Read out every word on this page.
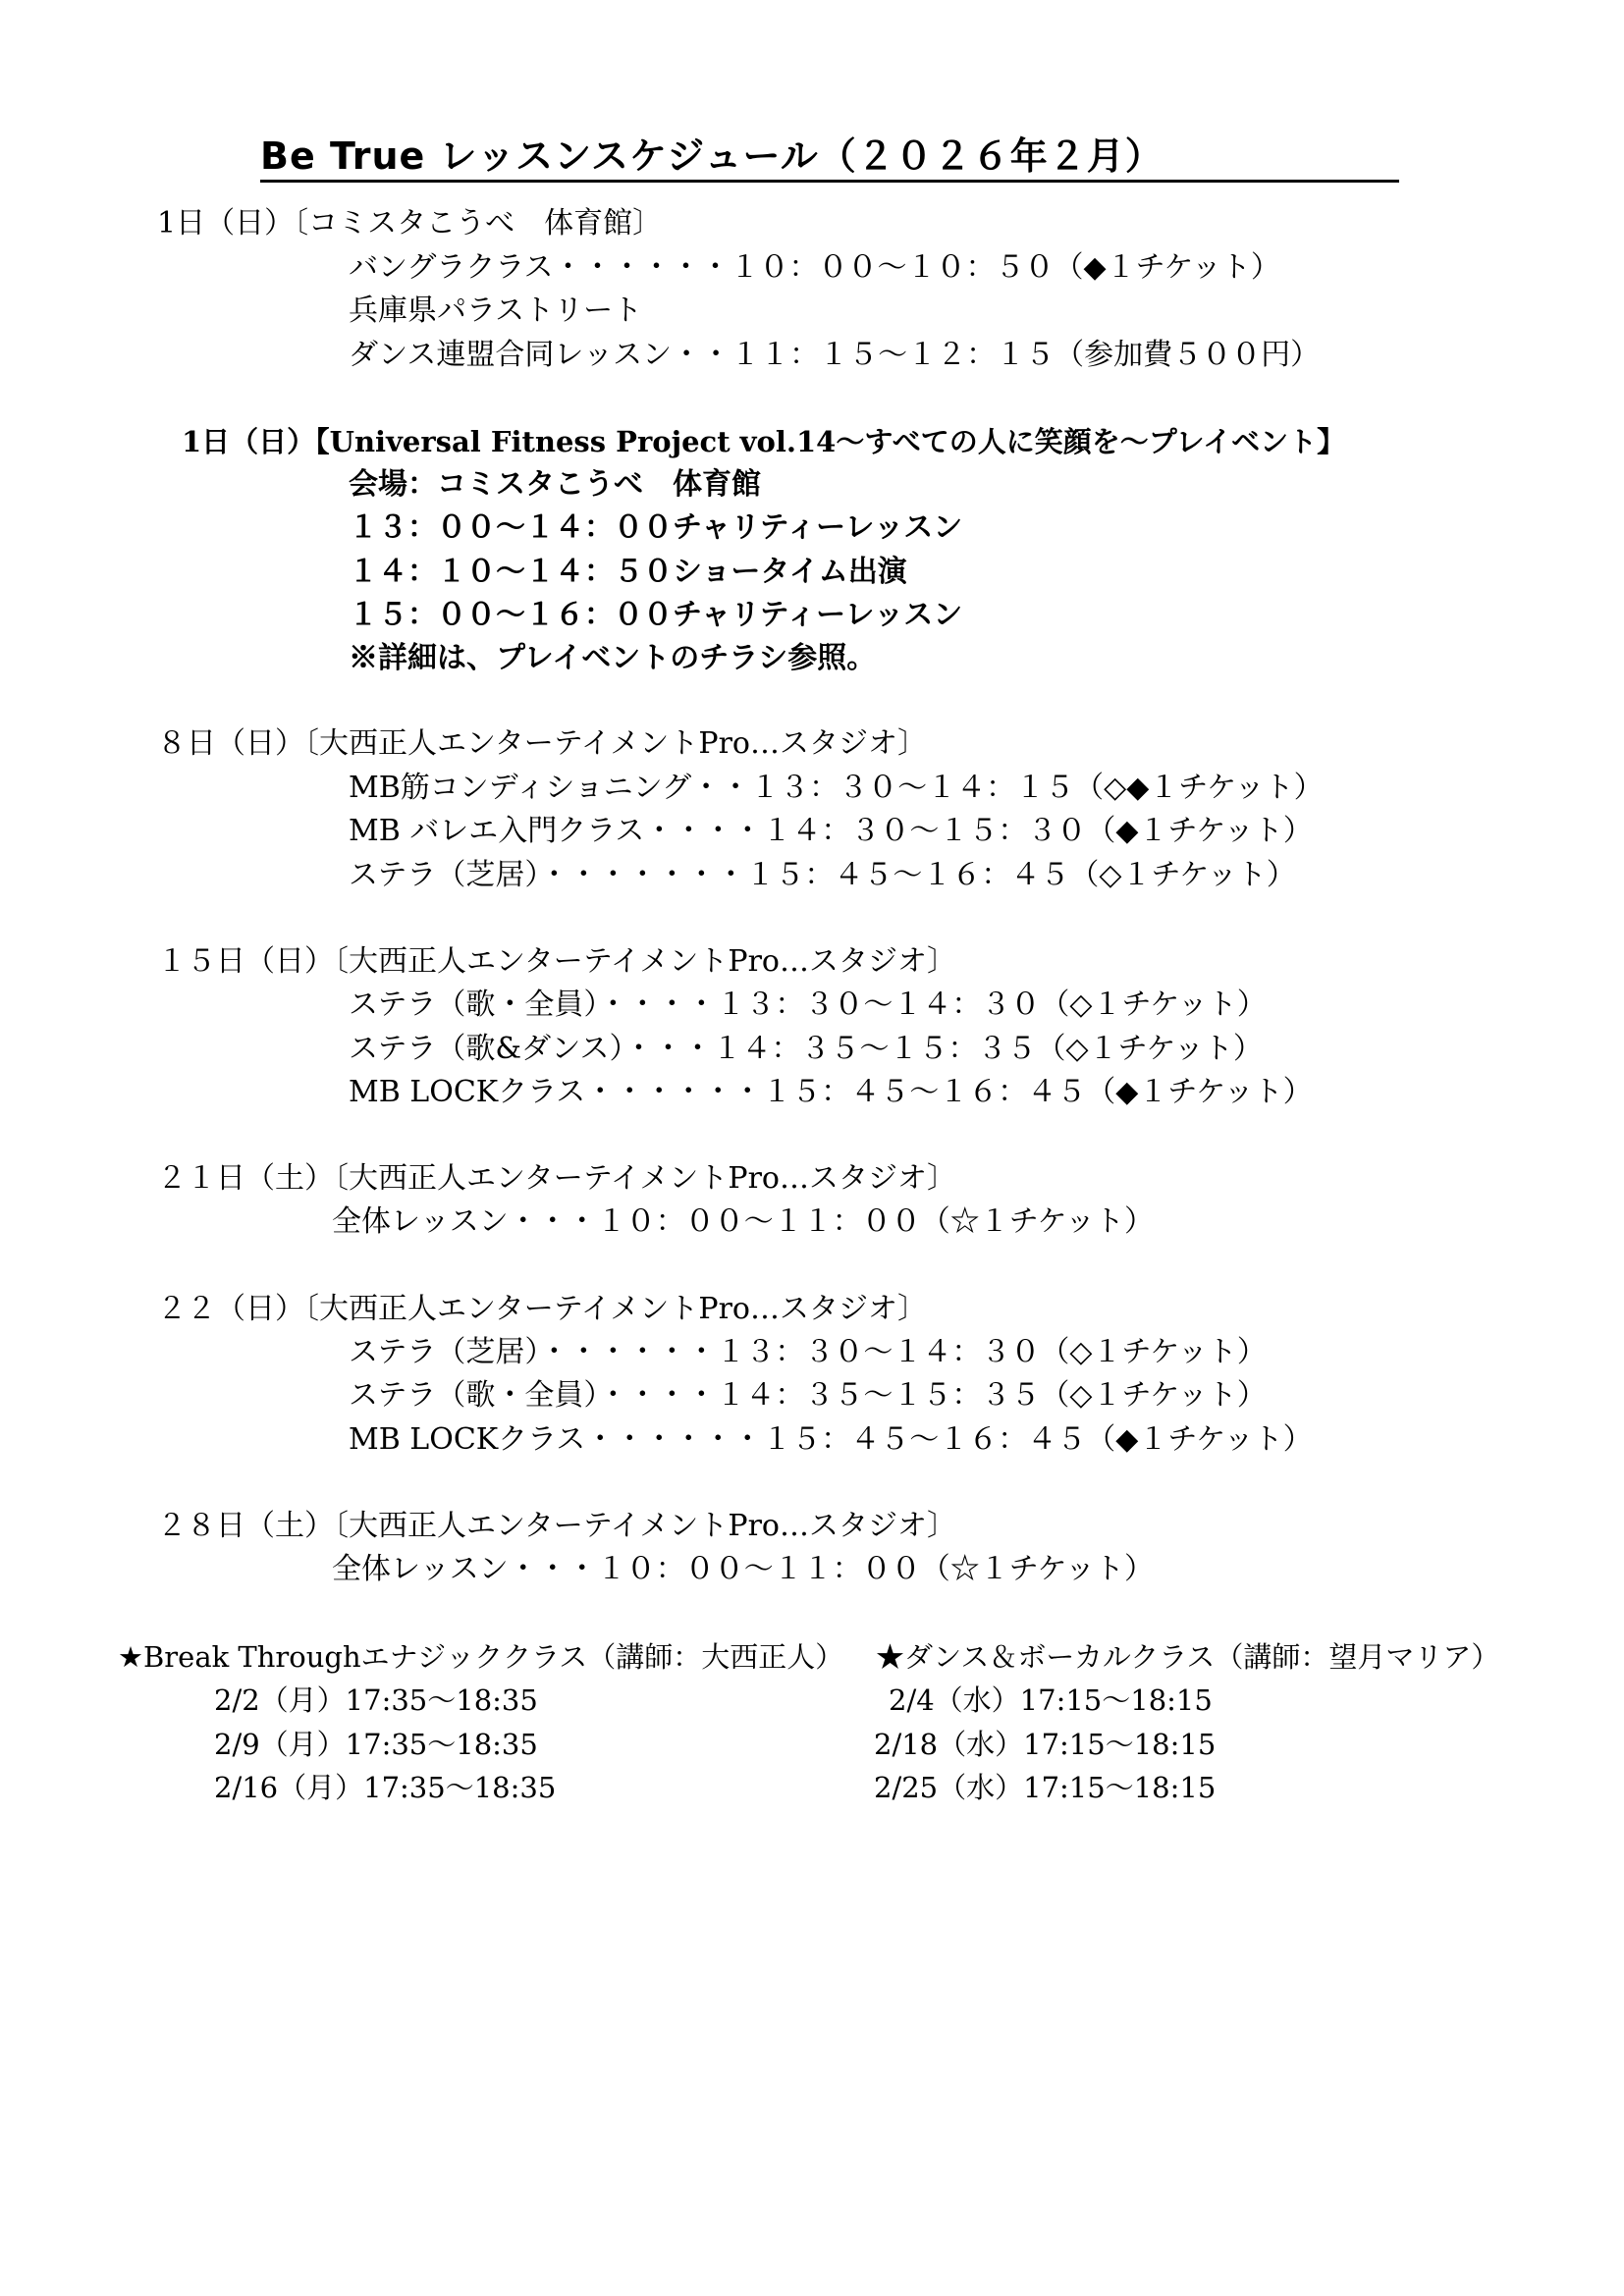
Be True レッスンスケジュール（２０２６年２月）
1日（日）〔コミスタこうべ　体育館〕
バングラクラス・・・・・・１０：００〜１０：５０（◆１チケット）
兵庫県パラストリート
ダンス連盟合同レッスン・・１１：１５〜１２：１５（参加費５００円）
1日（日）【Universal Fitness Project vol.14〜すべての人に笑顔を〜プレイベント】
会場：コミスタこうべ　体育館
１３：００〜１４：００チャリティーレッスン
１４：１０〜１４：５０ショータイム出演
１５：００〜１６：００チャリティーレッスン
※詳細は、プレイベントのチラシ参照。
８日（日）〔大西正人エンターテイメントPro…スタジオ〕
MB筋コンディショニング・・１３：３０〜１４：１５（◇◆１チケット）
MB バレエ入門クラス・・・・１４：３０〜１５：３０（◆１チケット）
ステラ（芝居）・・・・・・・１５：４５〜１６：４５（◇１チケット）
１５日（日）〔大西正人エンターテイメントPro…スタジオ〕
ステラ（歌・全員）・・・・１３：３０〜１４：３０（◇１チケット）
ステラ（歌&ダンス）・・・１４：３５〜１５：３５（◇１チケット）
MB LOCKクラス・・・・・・１５：４５〜１６：４５（◆１チケット）
２１日（土）〔大西正人エンターテイメントPro…スタジオ〕
全体レッスン・・・１０：００〜１１：００（☆１チケット）
２２（日）〔大西正人エンターテイメントPro…スタジオ〕
ステラ（芝居）・・・・・・１３：３０〜１４：３０（◇１チケット）
ステラ（歌・全員）・・・・１４：３５〜１５：３５（◇１チケット）
MB LOCKクラス・・・・・・１５：４５〜１６：４５（◆１チケット）
２８日（土）〔大西正人エンターテイメントPro…スタジオ〕
全体レッスン・・・１０：００〜１１：００（☆１チケット）
★Break Throughエナジッククラス（講師：大西正人）
2/2（月）17:35〜18:35
2/9（月）17:35〜18:35
2/16（月）17:35〜18:35
★ダンス＆ボーカルクラス（講師：望月マリア）
2/4（水）17:15〜18:15
2/18（水）17:15〜18:15
2/25（水）17:15〜18:15
